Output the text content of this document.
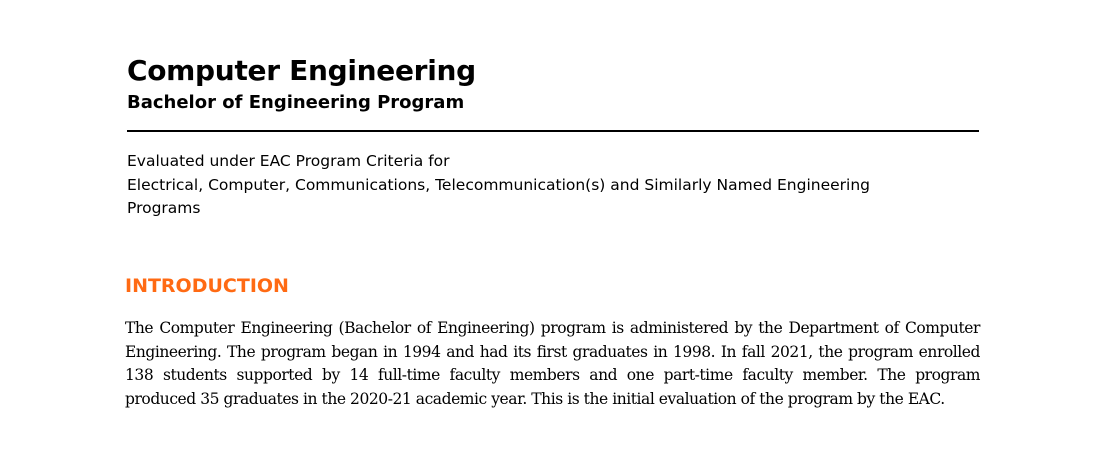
Computer Engineering
Bachelor of Engineering Program
Evaluated under EAC Program Criteria for
Electrical, Computer, Communications, Telecommunication(s) and Similarly Named Engineering
Programs
INTRODUCTION

The Computer Engineering (Bachelor of Engineering) program is administered by the Department of Computer Engineering. The program began in 1994 and had its first graduates in 1998. In fall 2021, the program enrolled 138 students supported by 14 full-time faculty members and one part-time faculty member. The program produced 35 graduates in the 2020-21 academic year. This is the initial evaluation of the program by the EAC.
